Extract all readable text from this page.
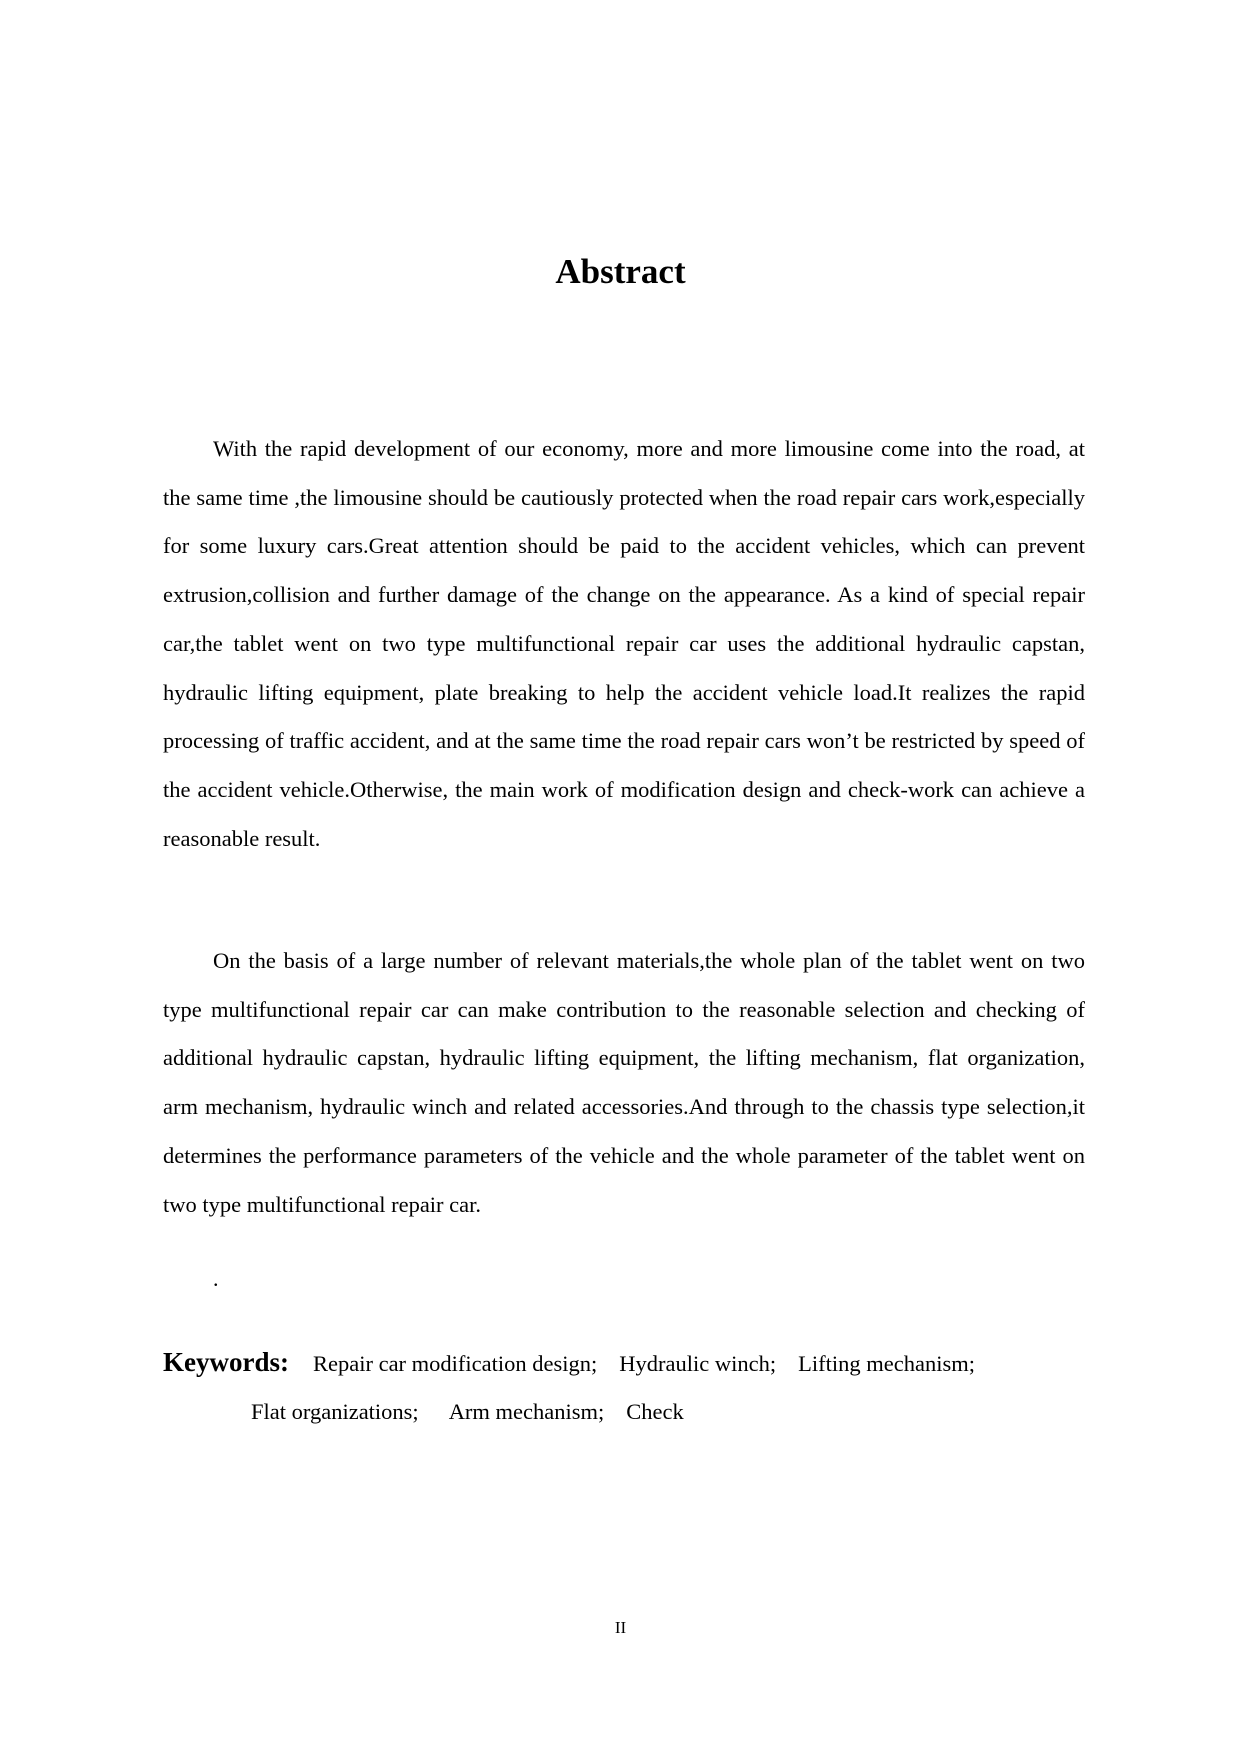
Abstract

With the rapid development of our economy, more and more limousine come into the road, at the same time ,the limousine should be cautiously protected when the road repair cars work,especially for some luxury cars.Great attention should be paid to the accident vehicles, which can prevent extrusion,collision and further damage of the change on the appearance. As a kind of special repair car,the tablet went on two type multifunctional repair car uses the additional hydraulic capstan, hydraulic lifting equipment, plate breaking to help the accident vehicle load.It realizes the rapid processing of traffic accident, and at the same time the road repair cars won’t be restricted by speed of the accident vehicle.Otherwise, the main work of modification design and check-work can achieve a reasonable result.

On the basis of a large number of relevant materials,the whole plan of the tablet went on two type multifunctional repair car can make contribution to the reasonable selection and checking of additional hydraulic capstan, hydraulic lifting equipment, the lifting mechanism, flat organization, arm mechanism, hydraulic winch and related accessories.And through to the chassis type selection,it determines the performance parameters of the vehicle and the whole parameter of the tablet went on two type multifunctional repair car.

.
Keywords: Repair car modification design; Hydraulic winch; Lifting mechanism;
Flat organizations; Arm mechanism; Check
II
